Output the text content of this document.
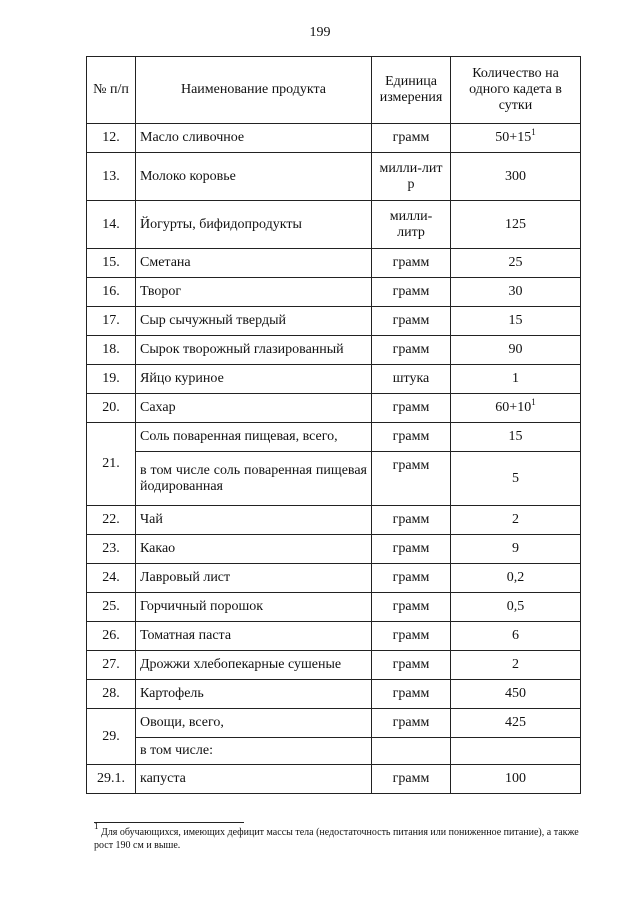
199
№ п/п	Наименование продукта	Единица измерения	Количество на одного кадета в сутки
12.	Масло сливочное	грамм	$50+15^1$
13.	Молоко коровье	милли-литр	300
14.	Йогурты, бифидопродукты	милли-литр	125
15.	Сметана	грамм	25
16.	Творог	грамм	30
17.	Сыр сычужный твердый	грамм	15
18.	Сырок творожный глазированный	грамм	90
19.	Яйцо куриное	штука	1
20.	Сахар	грамм	$60+10^1$
21.	Соль поваренная пищевая, всего,	грамм	15
	в том числе соль поваренная пищевая йодированная	грамм	5
22.	Чай	грамм	2
23.	Какао	грамм	9
24.	Лавровый лист	грамм	0,2
25.	Горчичный порошок	грамм	0,5
26.	Томатная паста	грамм	6
27.	Дрожжи хлебопекарные сушеные	грамм	2
28.	Картофель	грамм	450
29.	Овощи, всего,	грамм	425
	в том числе:		
29.1.	капуста	грамм	100
$^1$ Для обучающихся, имеющих дефицит массы тела (недостаточность питания или пониженное питание), а также рост 190 см и выше.
